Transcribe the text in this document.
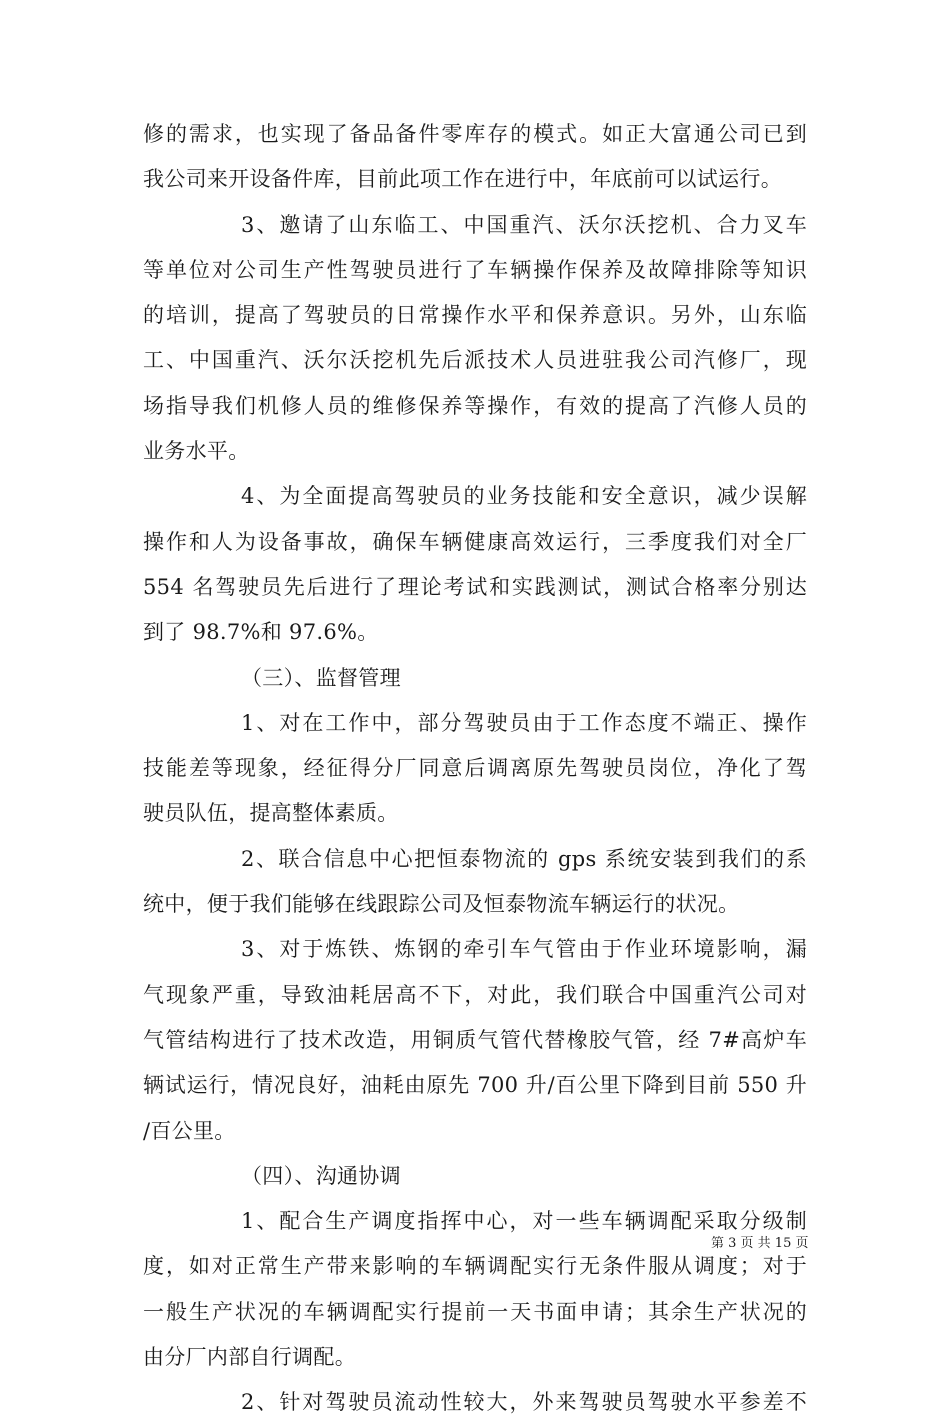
修的需求，也实现了备品备件零库存的模式。如正大富通公司已到
我公司来开设备件库，目前此项工作在进行中，年底前可以试运行。
3、邀请了山东临工、中国重汽、沃尔沃挖机、合力叉车
等单位对公司生产性驾驶员进行了车辆操作保养及故障排除等知识
的培训，提高了驾驶员的日常操作水平和保养意识。另外，山东临
工、中国重汽、沃尔沃挖机先后派技术人员进驻我公司汽修厂，现
场指导我们机修人员的维修保养等操作，有效的提高了汽修人员的
业务水平。
4、为全面提高驾驶员的业务技能和安全意识，减少误解
操作和人为设备事故，确保车辆健康高效运行，三季度我们对全厂
554 名驾驶员先后进行了理论考试和实践测试，测试合格率分别达
到了 98.7%和 97.6%。
（三）、监督管理
1、对在工作中，部分驾驶员由于工作态度不端正、操作
技能差等现象，经征得分厂同意后调离原先驾驶员岗位，净化了驾
驶员队伍，提高整体素质。
2、联合信息中心把恒泰物流的 gps 系统安装到我们的系
统中，便于我们能够在线跟踪公司及恒泰物流车辆运行的状况。
3、对于炼铁、炼钢的牵引车气管由于作业环境影响，漏
气现象严重，导致油耗居高不下，对此，我们联合中国重汽公司对
气管结构进行了技术改造，用铜质气管代替橡胶气管，经 7#高炉车
辆试运行，情况良好，油耗由原先 700 升/百公里下降到目前 550 升
/百公里。
（四）、沟通协调
1、配合生产调度指挥中心，对一些车辆调配采取分级制
度，如对正常生产带来影响的车辆调配实行无条件服从调度；对于
一般生产状况的车辆调配实行提前一天书面申请；其余生产状况的
由分厂内部自行调配。
2、针对驾驶员流动性较大，外来驾驶员驾驶水平参差不
第 3 页 共 15 页
